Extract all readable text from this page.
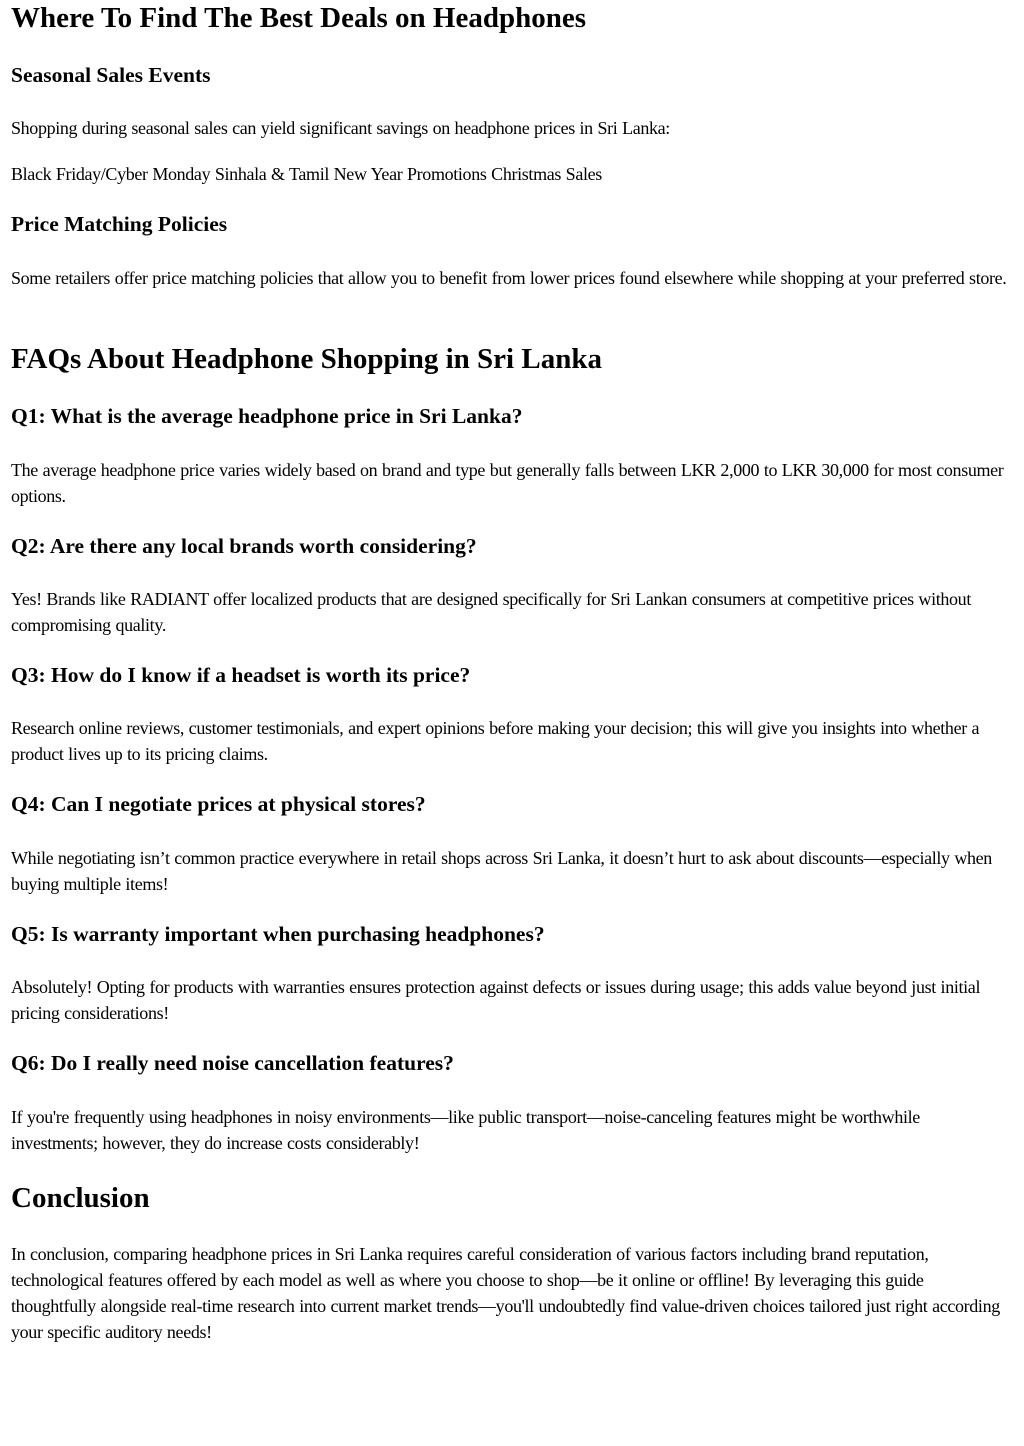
Where To Find The Best Deals on Headphones
Seasonal Sales Events

Shopping during seasonal sales can yield significant savings on headphone prices in Sri Lanka:

Black Friday/Cyber Monday Sinhala & Tamil New Year Promotions Christmas Sales

Price Matching Policies

Some retailers offer price matching policies that allow you to benefit from lower prices found elsewhere while shopping at your preferred store.

FAQs About Headphone Shopping in Sri Lanka
Q1: What is the average headphone price in Sri Lanka?

The average headphone price varies widely based on brand and type but generally falls between LKR 2,000 to LKR 30,000 for most consumer options.

Q2: Are there any local brands worth considering?

Yes! Brands like RADIANT offer localized products that are designed specifically for Sri Lankan consumers at competitive prices without compromising quality.

Q3: How do I know if a headset is worth its price?

Research online reviews, customer testimonials, and expert opinions before making your decision; this will give you insights into whether a product lives up to its pricing claims.

Q4: Can I negotiate prices at physical stores?

While negotiating isn’t common practice everywhere in retail shops across Sri Lanka, it doesn’t hurt to ask about discounts—especially when buying multiple items!

Q5: Is warranty important when purchasing headphones?

Absolutely! Opting for products with warranties ensures protection against defects or issues during usage; this adds value beyond just initial pricing considerations!

Q6: Do I really need noise cancellation features?

If you're frequently using headphones in noisy environments—like public transport—noise-canceling features might be worthwhile investments; however, they do increase costs considerably!

Conclusion

In conclusion, comparing headphone prices in Sri Lanka requires careful consideration of various factors including brand reputation, technological features offered by each model as well as where you choose to shop—be it online or offline! By leveraging this guide thoughtfully alongside real-time research into current market trends—you'll undoubtedly find value-driven choices tailored just right according your specific auditory needs!
